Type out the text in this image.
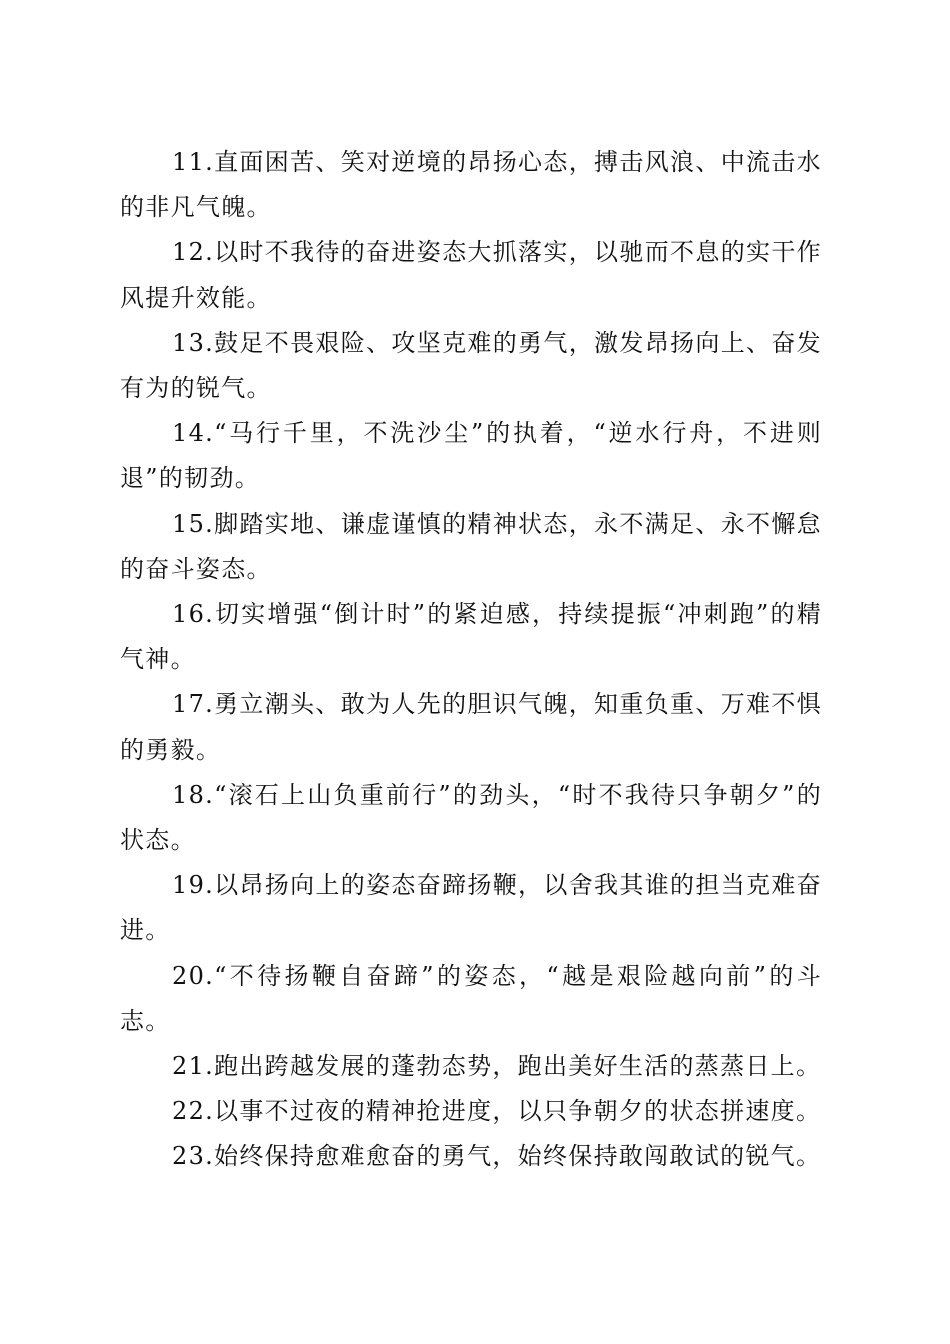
11.直面困苦、笑对逆境的昂扬心态，搏击风浪、中流击水的非凡气魄。

12.以时不我待的奋进姿态大抓落实，以驰而不息的实干作风提升效能。

13.鼓足不畏艰险、攻坚克难的勇气，激发昂扬向上、奋发有为的锐气。

14.“马行千里，不洗沙尘”的执着，“逆水行舟，不进则退”的韧劲。

15.脚踏实地、谦虚谨慎的精神状态，永不满足、永不懈怠的奋斗姿态。

16.切实增强“倒计时”的紧迫感，持续提振“冲刺跑”的精气神。

17.勇立潮头、敢为人先的胆识气魄，知重负重、万难不惧的勇毅。

18.“滚石上山负重前行”的劲头，“时不我待只争朝夕”的状态。

19.以昂扬向上的姿态奋蹄扬鞭，以舍我其谁的担当克难奋进。

20.“不待扬鞭自奋蹄”的姿态，“越是艰险越向前”的斗志。

21.跑出跨越发展的蓬勃态势，跑出美好生活的蒸蒸日上。

22.以事不过夜的精神抢进度，以只争朝夕的状态拼速度。

23.始终保持愈难愈奋的勇气，始终保持敢闯敢试的锐气。
